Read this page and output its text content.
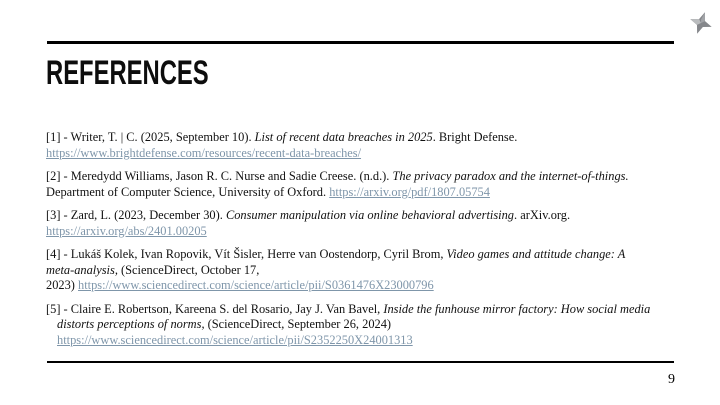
REFERENCES
[1] - Writer, T. | C. (2025, September 10). List of recent data breaches in 2025. Bright Defense.
https://www.brightdefense.com/resources/recent-data-breaches/
[2] - Meredydd Williams, Jason R. C. Nurse and Sadie Creese. (n.d.). The privacy paradox and the internet-of-things.
Department of Computer Science, University of Oxford. https://arxiv.org/pdf/1807.05754
[3] - Zard, L. (2023, December 30). Consumer manipulation via online behavioral advertising. arXiv.org.
https://arxiv.org/abs/2401.00205
[4] - Lukáš Kolek, Ivan Ropovik, Vít Šisler, Herre van Oostendorp, Cyril Brom, Video games and attitude change: A
meta-analysis, (ScienceDirect, October 17,
2023) https://www.sciencedirect.com/science/article/pii/S0361476X23000796
[5] - Claire E. Robertson, Kareena S. del Rosario, Jay J. Van Bavel, Inside the funhouse mirror factory: How social media
distorts perceptions of norms, (ScienceDirect, September 26, 2024)
https://www.sciencedirect.com/science/article/pii/S2352250X24001313
9
